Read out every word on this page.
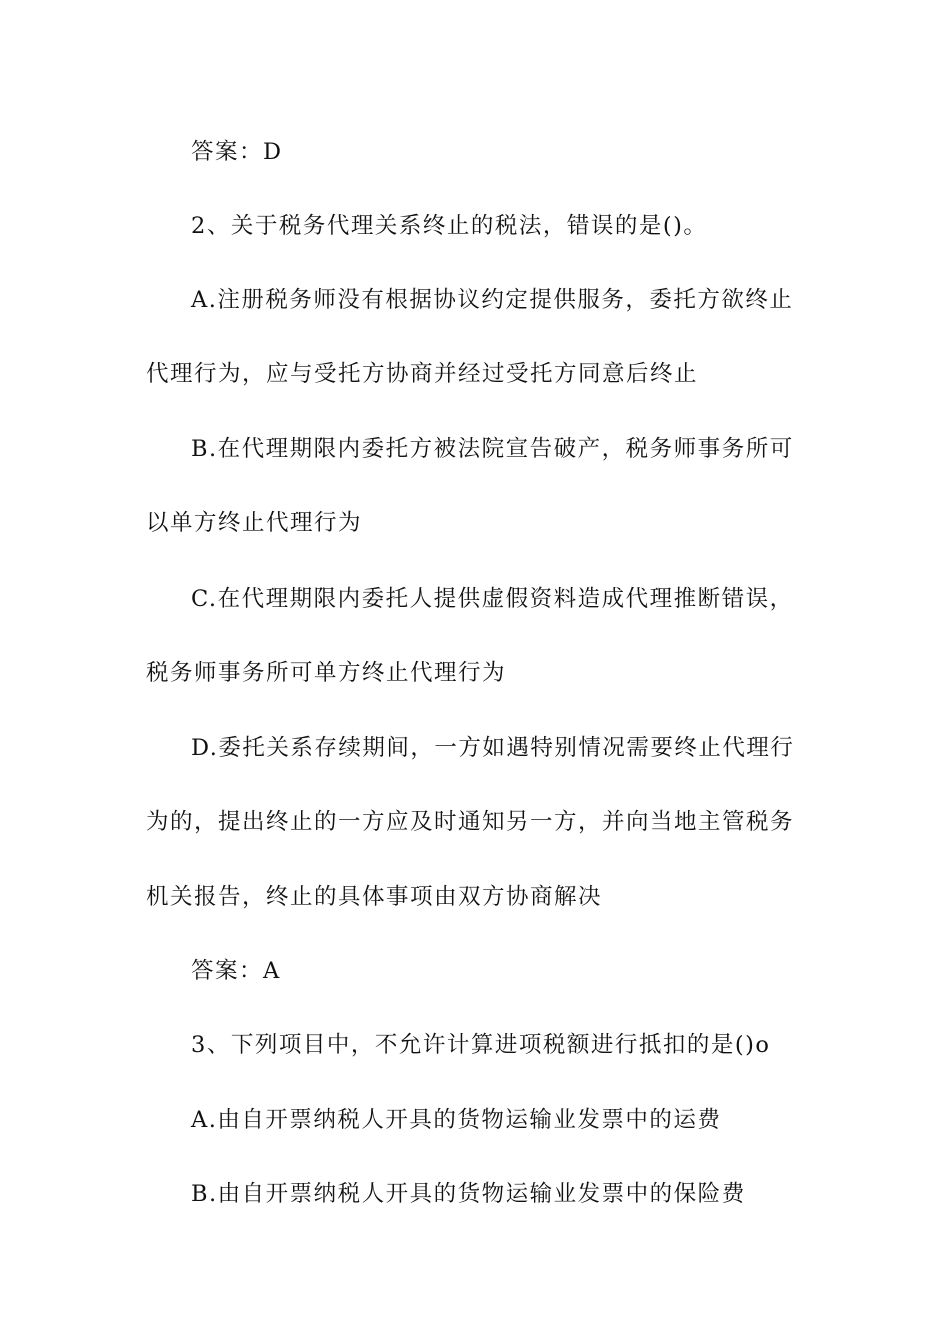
答案：D
2、关于税务代理关系终止的税法，错误的是()。
A.注册税务师没有根据协议约定提供服务，委托方欲终止
代理行为，应与受托方协商并经过受托方同意后终止
B.在代理期限内委托方被法院宣告破产，税务师事务所可
以单方终止代理行为
C.在代理期限内委托人提供虚假资料造成代理推断错误，
税务师事务所可单方终止代理行为
D.委托关系存续期间，一方如遇特别情况需要终止代理行
为的，提出终止的一方应及时通知另一方，并向当地主管税务
机关报告，终止的具体事项由双方协商解决
答案：A
3、下列项目中，不允许计算进项税额进行抵扣的是()o
A.由自开票纳税人开具的货物运输业发票中的运费
B.由自开票纳税人开具的货物运输业发票中的保险费
